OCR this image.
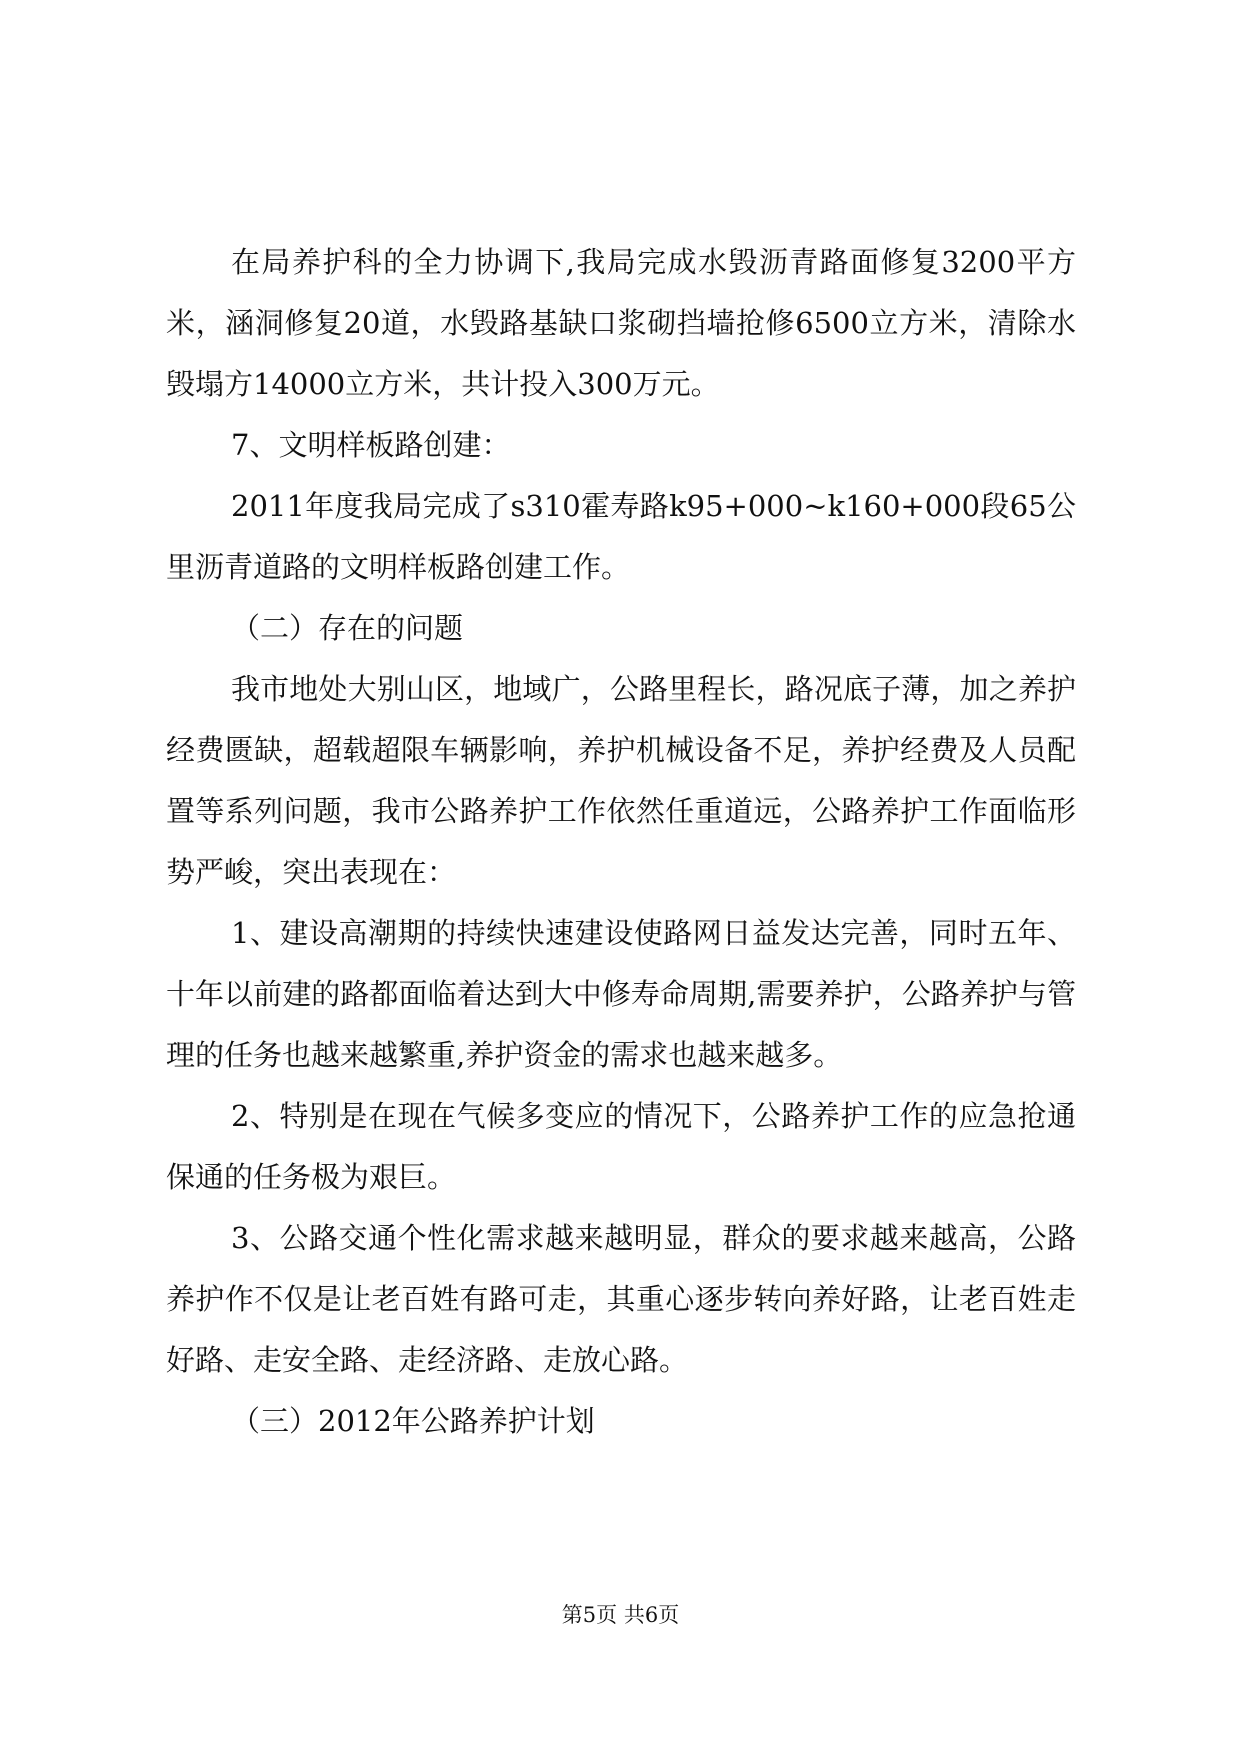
在局养护科的全力协调下,我局完成水毁沥青路面修复3200平方米，涵洞修复20道，水毁路基缺口浆砌挡墙抢修6500立方米，清除水毁塌方14000立方米，共计投入300万元。

7、文明样板路创建：

2011年度我局完成了s310霍寿路k95+000~k160+000段65公里沥青道路的文明样板路创建工作。

（二）存在的问题

我市地处大别山区，地域广，公路里程长，路况底子薄，加之养护经费匮缺，超载超限车辆影响，养护机械设备不足，养护经费及人员配置等系列问题，我市公路养护工作依然任重道远，公路养护工作面临形势严峻，突出表现在：

1、建设高潮期的持续快速建设使路网日益发达完善，同时五年、十年以前建的路都面临着达到大中修寿命周期,需要养护，公路养护与管理的任务也越来越繁重,养护资金的需求也越来越多。

2、特别是在现在气候多变应的情况下，公路养护工作的应急抢通保通的任务极为艰巨。

3、公路交通个性化需求越来越明显，群众的要求越来越高，公路养护作不仅是让老百姓有路可走，其重心逐步转向养好路，让老百姓走好路、走安全路、走经济路、走放心路。

（三）2012年公路养护计划

第5页 共6页
